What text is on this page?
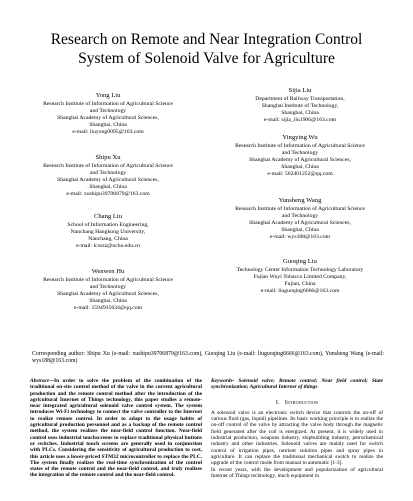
Research on Remote and Near Integration Control
System of Solenoid Valve for Agriculture
Yong Liu
Research Institute of Information of Agricultural Science
and Technology
Shanghai Academy of Agricultural Sciences,
Shanghai, China
e-mail: liuyong0095@163.com
Sijia Liu
Department of Railway Transportation,
Shanghai Institute of Technology,
Shanghai, China
e-mail: sijia_liu1906@163.com
Shipu Xu
Research Institute of Information of Agricultural Science
and Technology
Shanghai Academy of Agricultural Sciences,
Shanghai, China
e-mail: xushipu39706879@163.com
Yingying Wu
Research Institute of Information of Agricultural Science
and Technology
Shanghai Academy of Agricultural Sciences,
Shanghai, China
e-mail: 562401252@qq.com
Chang Liu
School of Information Engineering,
Nanchang Hangkong University,
Nanchang, China
e-mail: lcsszz@nchu.edu.cn
Yunsheng Wang
Research Institute of Information of Agricultural Science
and Technology
Shanghai Academy of Agricultural Sciences,
Shanghai, China
e-mail: wys188@163.com
Wenwen Hu
Research Institute of Information of Agricultural Science
and Technology
Shanghai Academy of Agricultural Sciences,
Shanghai, China
e-mail: 1594935634@qq.com
Guoqing Liu
Technology Center Information Technology Laboratory
Fujian Wuyi Tobacco Limited Company,
Fujian, China
e-mail: liuguoqing6666@163.com
Corresponding author: Shipu Xu (e-mail: xushipu39706879@163.com), Guoqing Liu (e-mail: liuguoqing6666@163.com), Yunsheng Wang (e-mail: wys188@163.com)
Abstract—In order to solve the problem of the combination of the traditional on-site control method of the valve in the current agricultural production and the remote control method after the introduction of the agricultural Internet of Things technology, this paper studies a remote-near integrated agricultural solenoid valve control system. The system introduces Wi-Fi technology to connect the valve controller to the Internet to realize remote control. In order to adapt to the usage habits of agricultural production personnel and as a backup of the remote control method, the system realizes the near-field control function. Near-field control uses industrial touchscreens to replace traditional physical buttons or switches. Industrial touch screens are generally used in conjunction with PLCs. Considering the sensitivity of agricultural production to cost, this article uses a lower-priced STM32 microcontroller to replace the PLC. The system finally realizes the real-time synchronization of the control states of the remote control and the near-field control, and truly realizes the integration of the remote control and the near-field control.
Keywords- Solenoid valve; Remote control; Near field control; State synchronization; Agricultural Internet of things
I. Introduction
A solenoid valve is an electronic switch device that controls the on-off of various fluid (gas, liquid) pipelines. Its basic working principle is to realize the on-off control of the valve by attracting the valve body through the magnetic field generated after the coil is energized. At present, it is widely used in industrial production, weapons industry, shipbuilding industry, petrochemical industry and other industries. Solenoid valves are mainly used for switch control of irrigation pipes, nutrient solution pipes and spray pipes in agriculture. It can replace the traditional mechanical switch to realize the upgrade of the control mode from manual to automatic [1-3].
In recent years, with the development and popularization of agricultural Internet of Things technology, much equipment in
